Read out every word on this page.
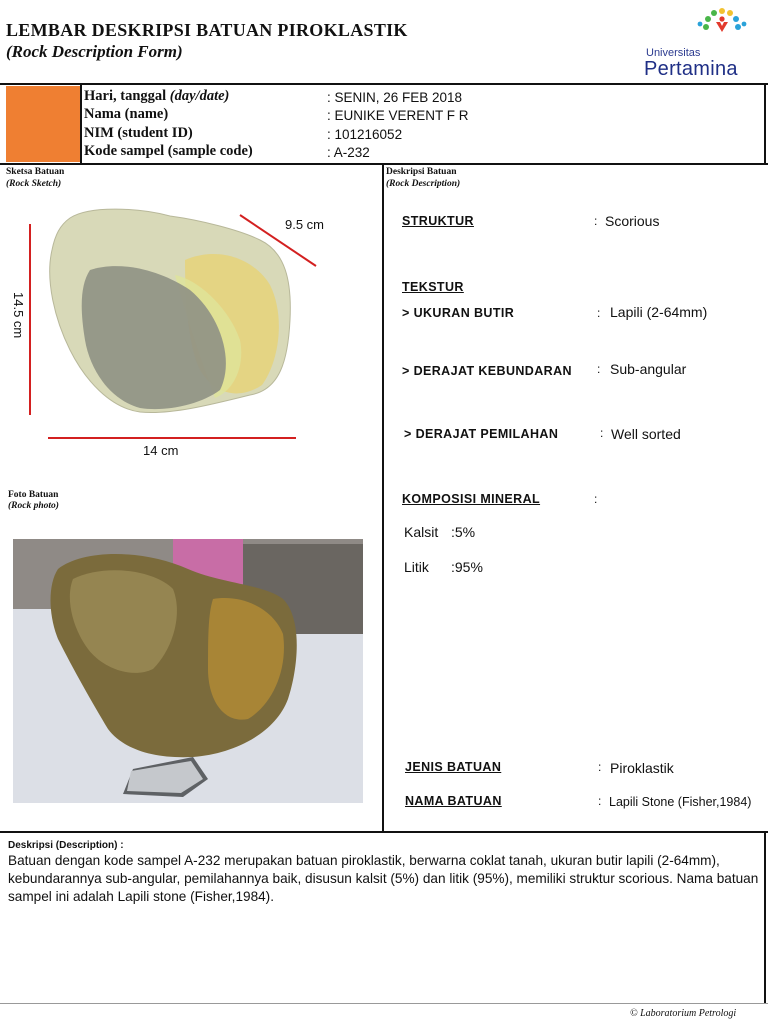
LEMBAR DESKRIPSI BATUAN PIROKLASTIK
(Rock Description Form)	Universitas
Pertamina
Hari, tanggal (day/date)	: SENIN, 26 FEB 2018
Nama (name)	: EUNIKE VERENT F R
NIM (student ID)	: 101216052
Kode sampel (sample code)	: A-232
Sketsa Batuan
(Rock Sketch)
9.5 cm
14.5 cm
14 cm
Foto Batuan
(Rock photo)
Deskripsi Batuan
(Rock Description)
STRUKTUR	: Scorious
TEKSTUR
> UKURAN BUTIR	: Lapili (2-64mm)
> DERAJAT KEBUNDARAN : Sub-angular
> DERAJAT PEMILAHAN	: Well sorted
KOMPOSISI MINERAL	:
Kalsit :5%
Litik :95%
JENIS BATUAN	: Piroklastik
NAMA BATUAN	: Lapili Stone (Fisher,1984)
Deskripsi (Description) :
Batuan dengan kode sampel A-232 merupakan batuan piroklastik, berwarna coklat tanah, ukuran butir lapili (2-64mm), kebundarannya sub-angular, pemilahannya baik, disusun kalsit (5%) dan litik (95%), memiliki struktur scorious. Nama batuan sampel ini adalah Lapili stone (Fisher,1984).
© Laboratorium Petrologi
